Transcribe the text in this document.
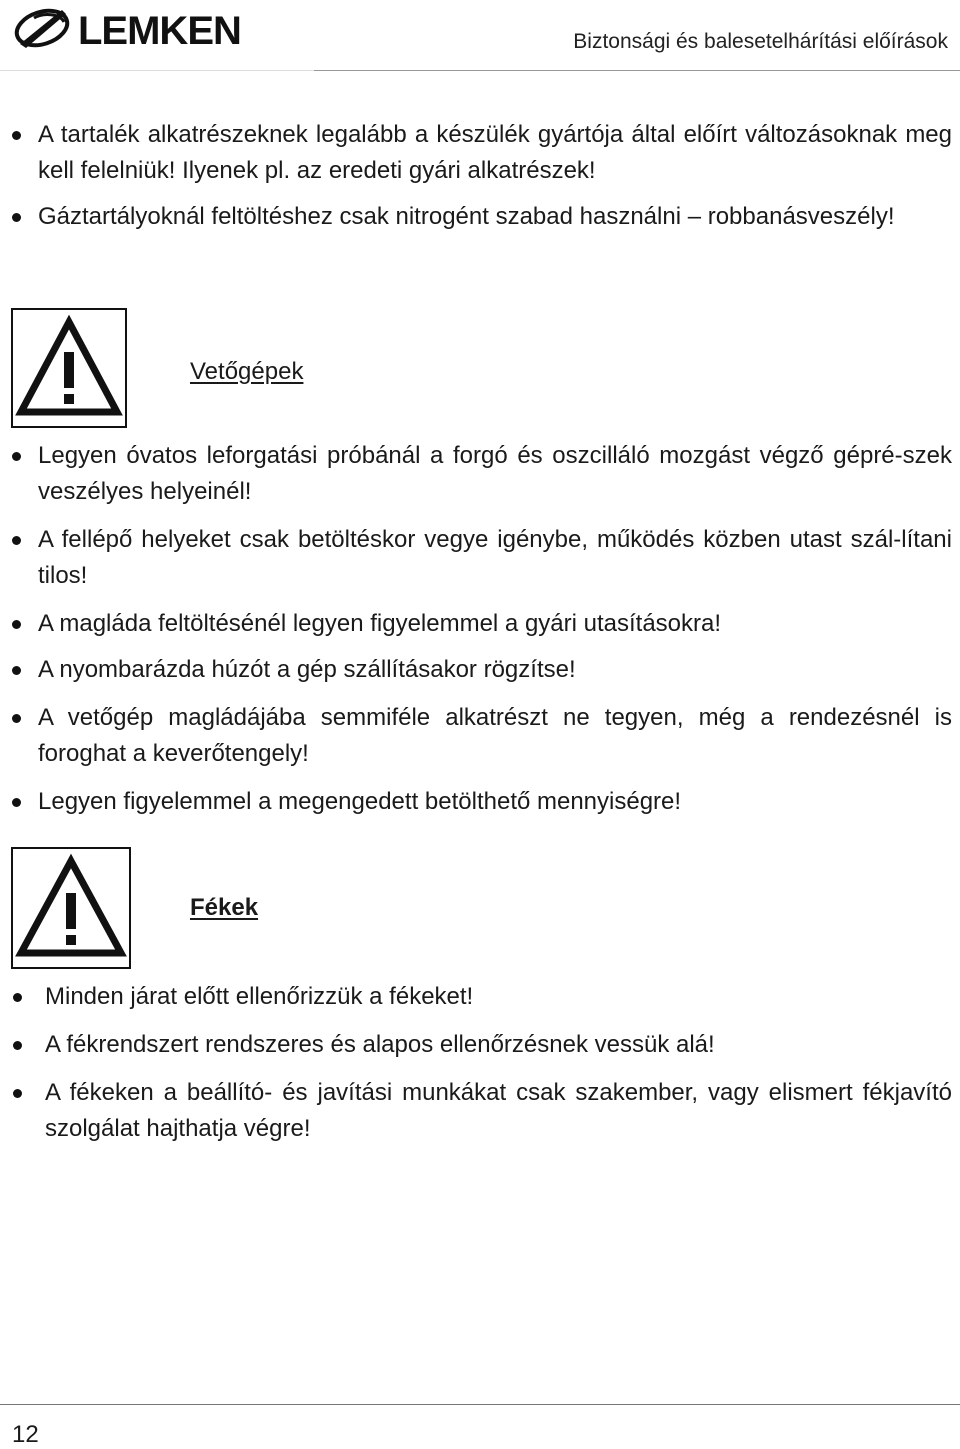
LEMKEN	Biztonsági és balesetelhárítási előírások
A tartalék alkatrészeknek legalább a készülék gyártója által előírt változásoknak meg kell felelniük! Ilyenek pl. az eredeti gyári alkatrészek!
Gáztartályoknál feltöltéshez csak nitrogént szabad használni – robbanásveszély!
Vetőgépek
Legyen óvatos leforgatási próbánál a forgó és oszcilláló mozgást végző gépré-szek veszélyes helyeinél!
A fellépő helyeket csak betöltéskor vegye igénybe, működés közben utast szál-lítani tilos!
A magláda feltöltésénél legyen figyelemmel a gyári utasításokra!
A nyombarázda húzót a gép szállításakor rögzítse!
A vetőgép magládájába semmiféle alkatrészt ne tegyen, még a rendezésnél is foroghat a keverőtengely!
Legyen figyelemmel a megengedett betölthető mennyiségre!
Fékek
Minden járat előtt ellenőrizzük a fékeket!
A fékrendszert rendszeres és alapos ellenőrzésnek vessük alá!
A fékeken a beállító- és javítási munkákat csak szakember, vagy elismert fékjavító szolgálat hajthatja végre!
12
